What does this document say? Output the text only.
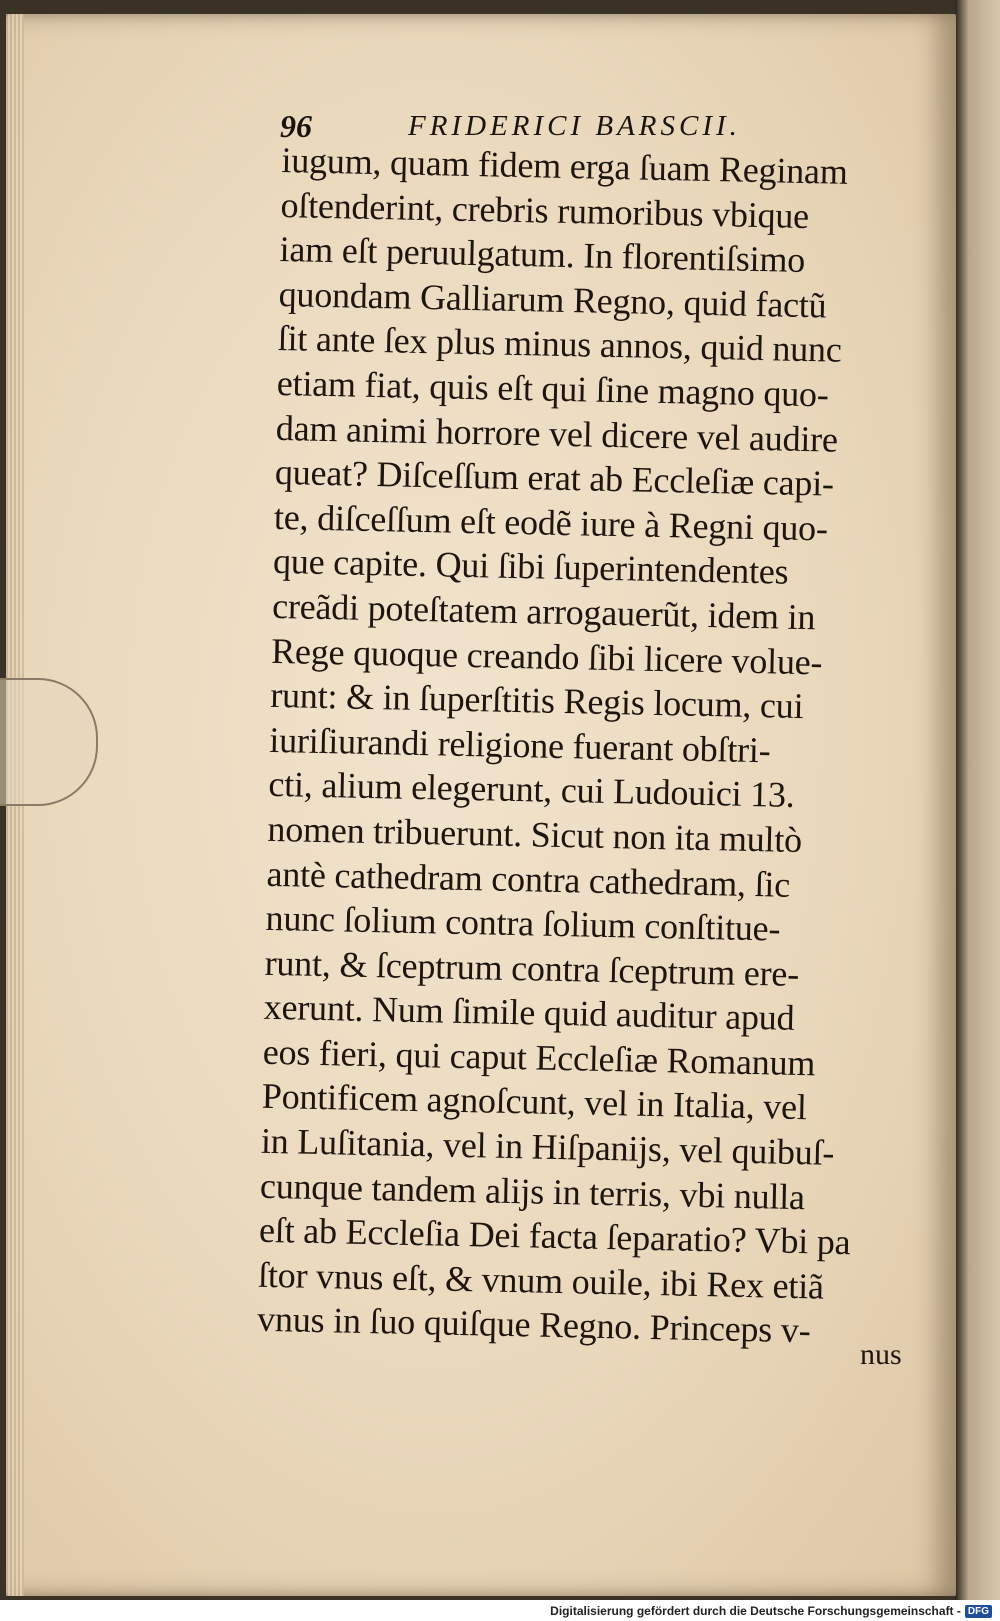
96	FRIDERICI BARSCII.
iugum, quam fidem erga ſuam Reginam
oſtenderint, crebris rumoribus vbique
iam eſt peruulgatum. In florentiſsimo
quondam Galliarum Regno, quid factũ
ſit ante ſex plus minus annos, quid nunc
etiam fiat, quis eſt qui ſine magno quo-
dam animi horrore vel dicere vel audire
queat? Diſceſſum erat ab Eccleſiæ capi-
te, diſceſſum eſt eodẽ iure à Regni quo-
que capite. Qui ſibi ſuperintendentes
creãdi poteſtatem arrogauerũt, idem in
Rege quoque creando ſibi licere volue-
runt: & in ſuperſtitis Regis locum, cui
iuriſiurandi religione fuerant obſtri-
cti, alium elegerunt, cui Ludouici 13.
nomen tribuerunt. Sicut non ita multò
antè cathedram contra cathedram, ſic
nunc ſolium contra ſolium conſtitue-
runt, & ſceptrum contra ſceptrum ere-
xerunt. Num ſimile quid auditur apud
eos fieri, qui caput Eccleſiæ Romanum
Pontificem agnoſcunt, vel in Italia, vel
in Luſitania, vel in Hiſpaniјs, vel quibuſ-
cunque tandem aliјs in terris, vbi nulla
eſt ab Eccleſia Dei facta ſeparatio? Vbi pa
ſtor vnus eſt, & vnum ouile, ibi Rex etiã
vnus in ſuo quiſque Regno. Princeps v-
nus
Digitalisierung gefördert durch die Deutsche Forschungsgemeinschaft - DFG
